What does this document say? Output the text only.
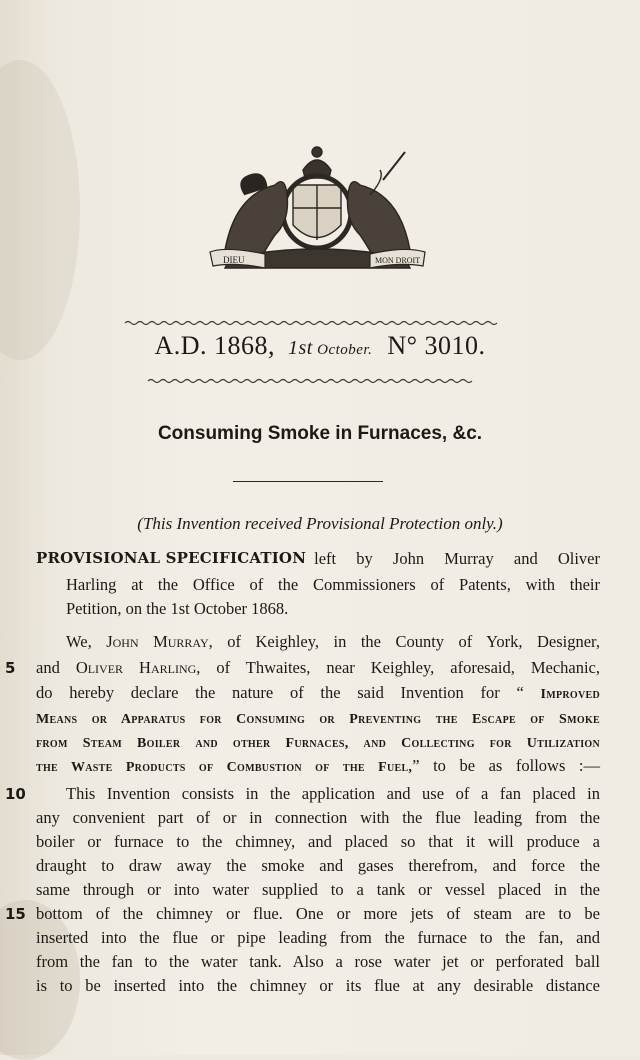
DIEU	MON DROIT
A.D. 1868, 1st October. N° 3010.
Consuming Smoke in Furnaces, &c.
(This Invention received Provisional Protection only.)
PROVISIONAL SPECIFICATION left by John Murray and Oliver
Harling at the Office of the Commissioners of Patents, with their
Petition, on the 1st October 1868.
We, John Murray, of Keighley, in the County of York, Designer,
and Oliver Harling, of Thwaites, near Keighley, aforesaid, Mechanic,
5
do hereby declare the nature of the said Invention for “ Improved
Means or Apparatus for Consuming or Preventing the Escape of Smoke
from Steam Boiler and other Furnaces, and Collecting for Utilization
the Waste Products of Combustion of the Fuel,” to be as follows :—
This Invention consists in the application and use of a fan placed in
10
any convenient part of or in connection with the flue leading from the
boiler or furnace to the chimney, and placed so that it will produce a
draught to draw away the smoke and gases therefrom, and force the
same through or into water supplied to a tank or vessel placed in the
bottom of the chimney or flue. One or more jets of steam are to be
15
inserted into the flue or pipe leading from the furnace to the fan, and
from the fan to the water tank. Also a rose water jet or perforated ball
is to be inserted into the chimney or its flue at any desirable distance
